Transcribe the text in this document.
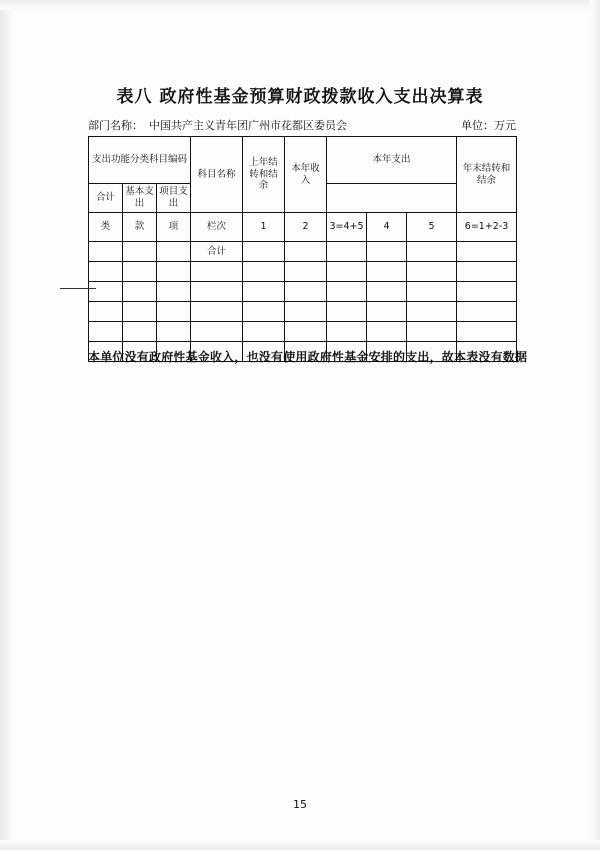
表八 政府性基金预算财政拨款收入支出决算表
部门名称： 中国共产主义青年团广州市花都区委员会	单位：万元
支出功能分类科目编码			科目名称	上年结转和结余	本年收入	本年支出			年末结转和结余
合计	基本支出	项目支出							
类	款	项	栏次	1	2	3=4+5	4	5	6=1+2-3
			合计						

本单位没有政府性基金收入，也没有使用政府性基金安排的支出，故本表没有数据
15
